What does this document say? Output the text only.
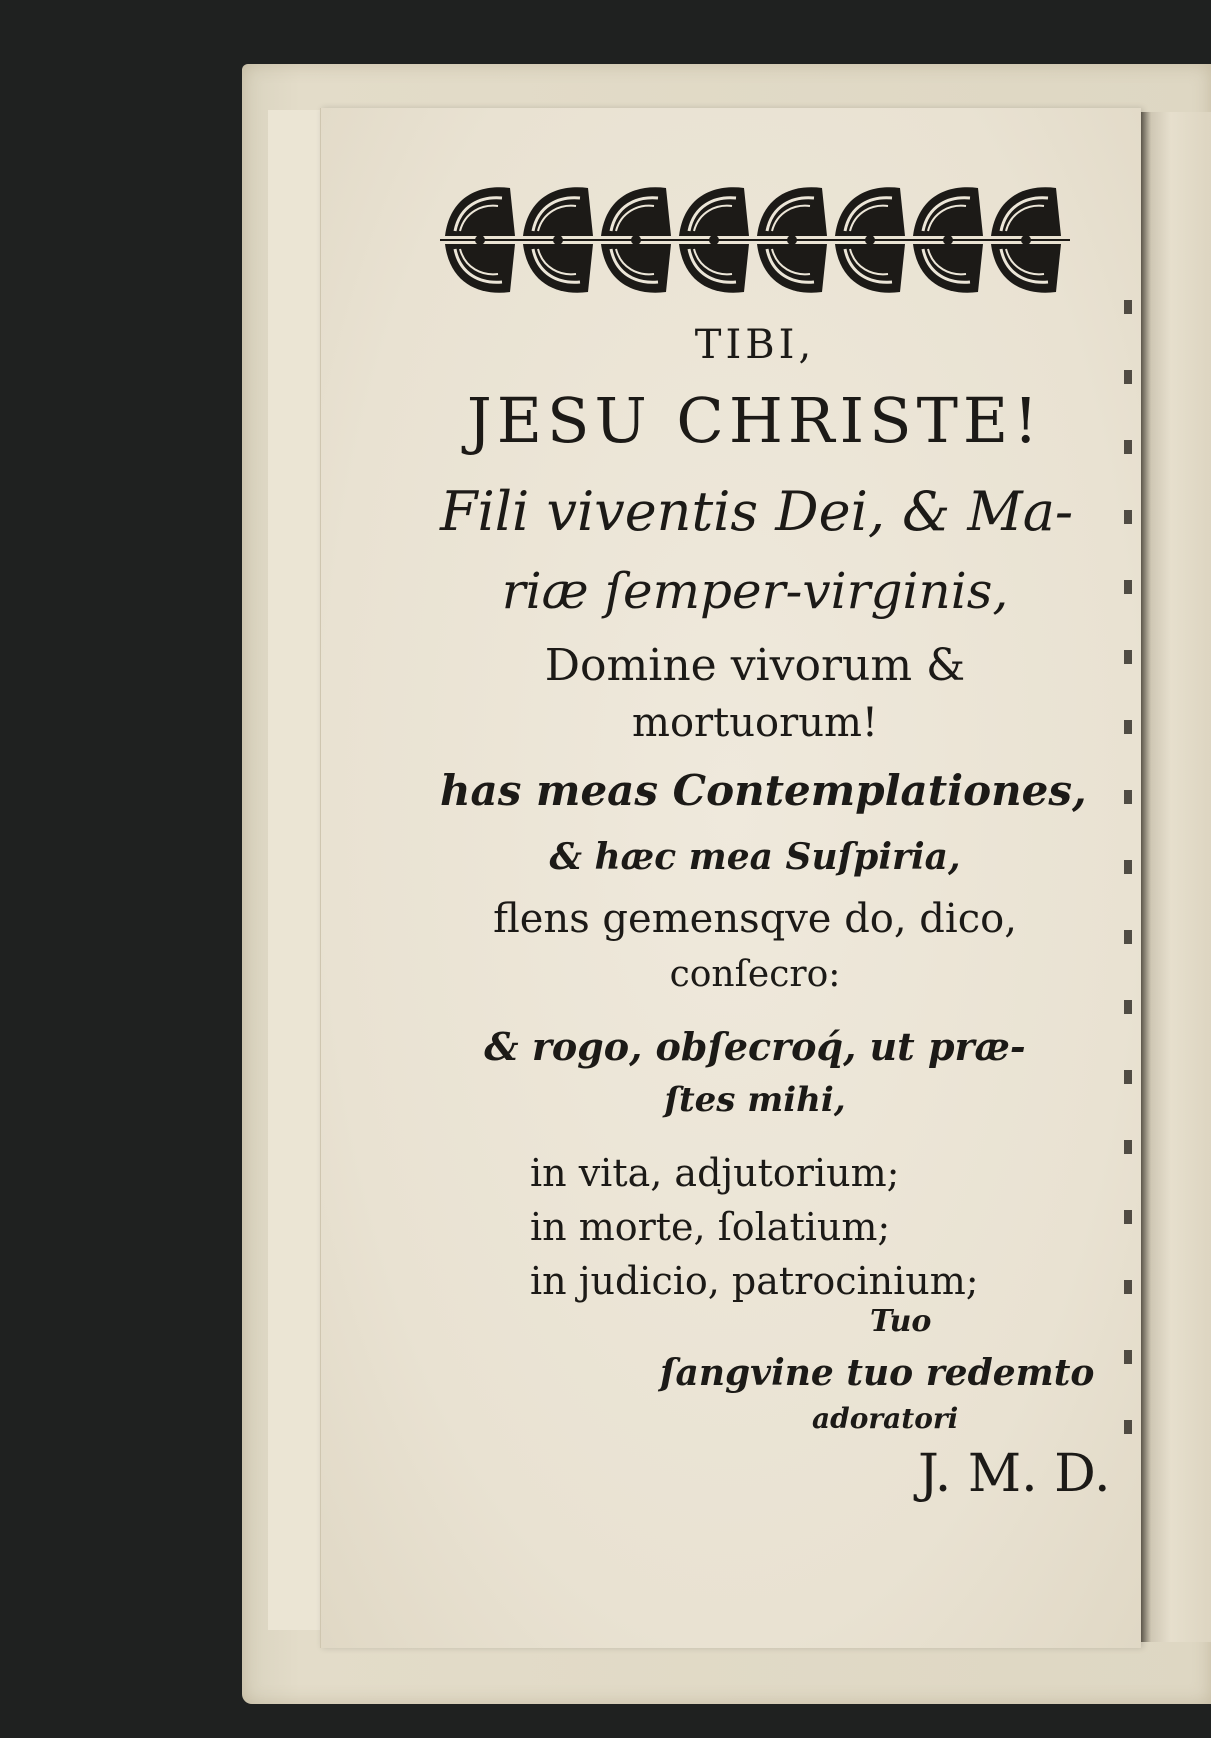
TIBI,
JESU CHRISTE!
Fili viventis Dei, & Ma-
riæ ſemper-virginis,
Domine vivorum &
mortuorum!
has meas Contemplationes,
& hæc mea Suſpiria,
flens gemensqve do, dico,
conſecro:
& rogo, obſecroq́, ut præ-
ſtes mihi,
in vita, adjutorium;
in morte, ſolatium;
in judicio, patrocinium;
Tuo
ſangvine tuo redemto
adoratori
J. M. D.
